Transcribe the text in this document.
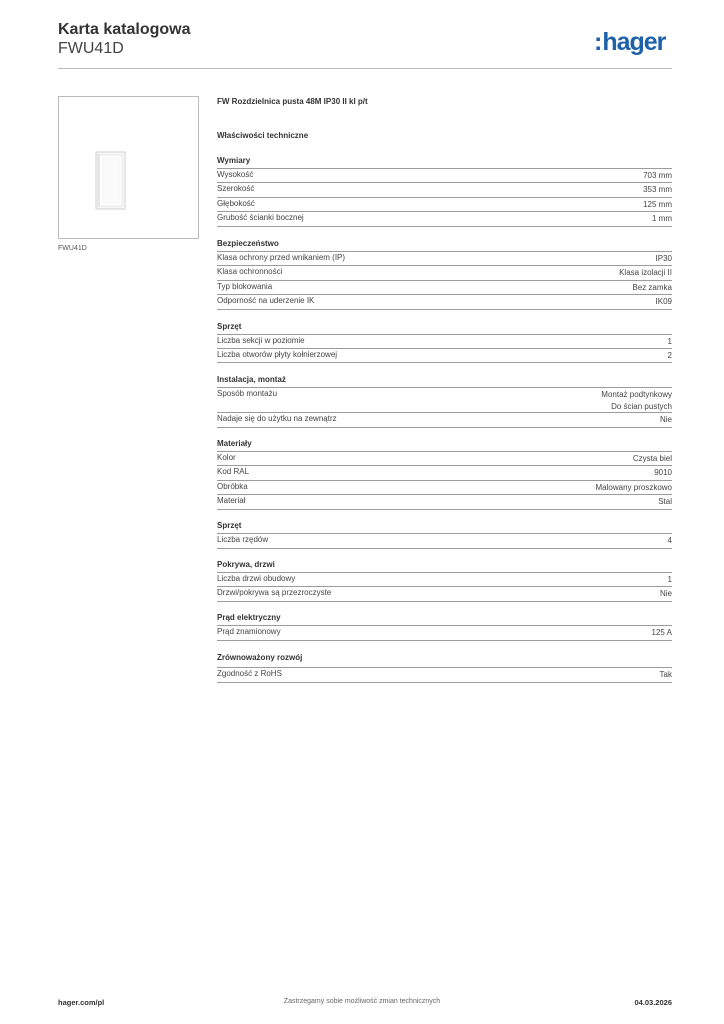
Karta katalogowa
FWU41D	:hager
FWU41D
FW Rozdzielnica pusta 48M IP30 II kl p/t
Właściwości techniczne
Wymiary
Wysokość	703 mm
Szerokość	353 mm
Głębokość	125 mm
Grubość ścianki bocznej	1 mm
Bezpieczeństwo
Klasa ochrony przed wnikaniem (IP)	IP30
Klasa ochronności	Klasa izolacji II
Typ blokowania	Bez zamka
Odporność na uderzenie IK	IK09
Sprzęt
Liczba sekcji w poziomie	1
Liczba otworów płyty kołnierzowej	2
Instalacja, montaż
Sposób montażu	Montaż podtynkowy
Do ścian pustych
Nadaje się do użytku na zewnątrz	Nie
Materiały
Kolor	Czysta biel
Kod RAL	9010
Obróbka	Malowany proszkowo
Materiał	Stal
Sprzęt
Liczba rzędów	4
Pokrywa, drzwi
Liczba drzwi obudowy	1
Drzwi/pokrywa są przezroczyste	Nie
Prąd elektryczny
Prąd znamionowy	125 A
Zrównoważony rozwój
Zgodność z RoHS	Tak
hager.com/pl	Zastrzegamy sobie możliwość zmian technicznych	04.03.2026
